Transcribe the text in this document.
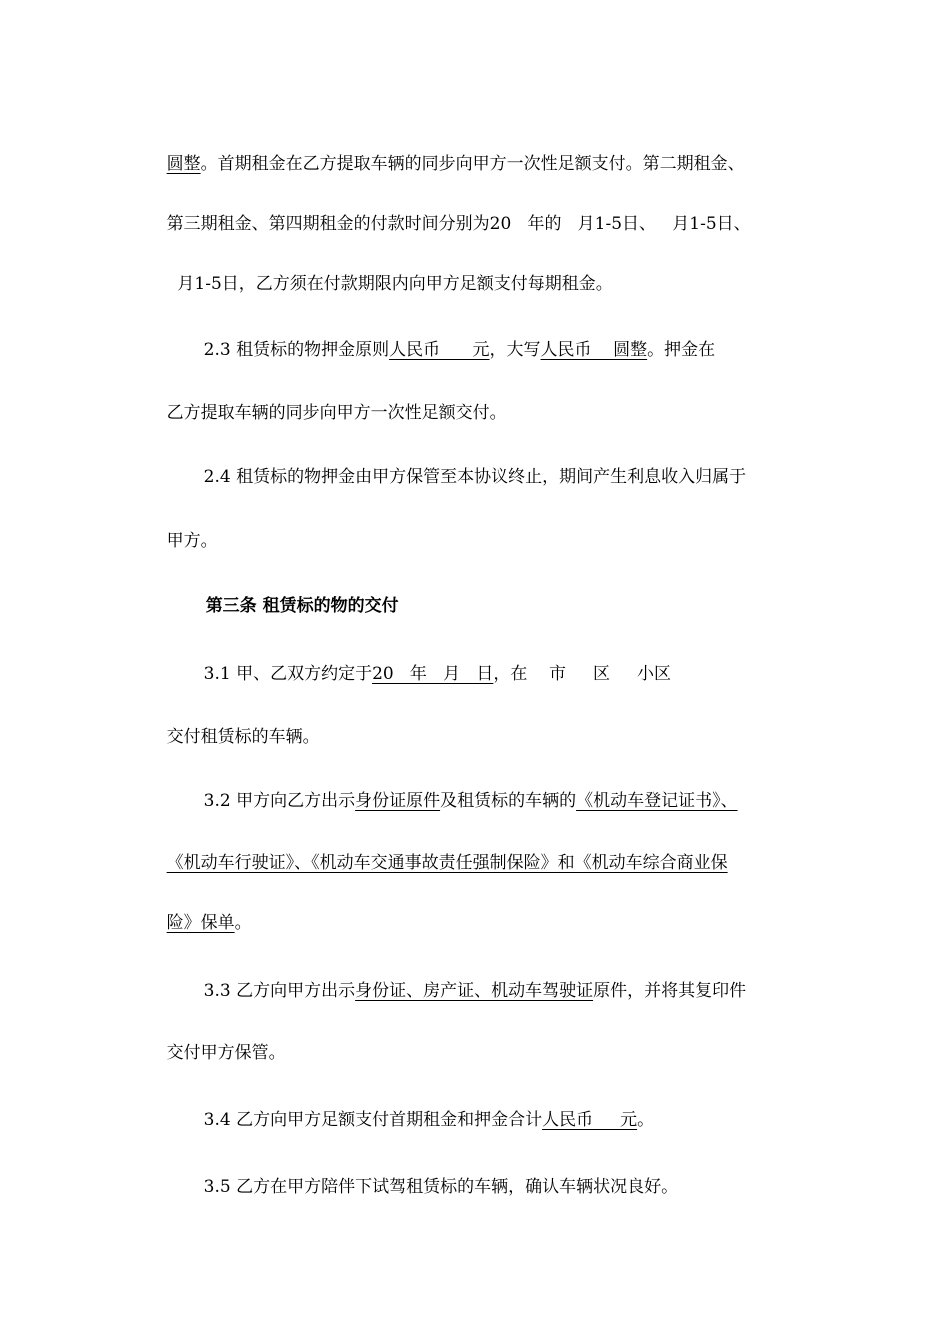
圆整。首期租金在乙方提取车辆的同步向甲方一次性足额支付。第二期租金、

第三期租金、第四期租金的付款时间分别为20   年的   月1-5日、   月1-5日、

月1-5日，乙方须在付款期限内向甲方足额支付每期租金。

2.3 租赁标的物押金原则人民币      元，大写人民币    圆整。押金在

乙方提取车辆的同步向甲方一次性足额交付。

2.4 租赁标的物押金由甲方保管至本协议终止，期间产生利息收入归属于

甲方。

第三条 租赁标的物的交付

3.1 甲、乙双方约定于20   年   月   日，在    市     区     小区

交付租赁标的车辆。

3.2 甲方向乙方出示身份证原件及租赁标的车辆的《机动车登记证书》、

《机动车行驶证》、《机动车交通事故责任强制保险》和《机动车综合商业保

险》保单。

3.3 乙方向甲方出示身份证、房产证、机动车驾驶证原件，并将其复印件

交付甲方保管。

3.4 乙方向甲方足额支付首期租金和押金合计人民币     元。

3.5 乙方在甲方陪伴下试驾租赁标的车辆，确认车辆状况良好。
